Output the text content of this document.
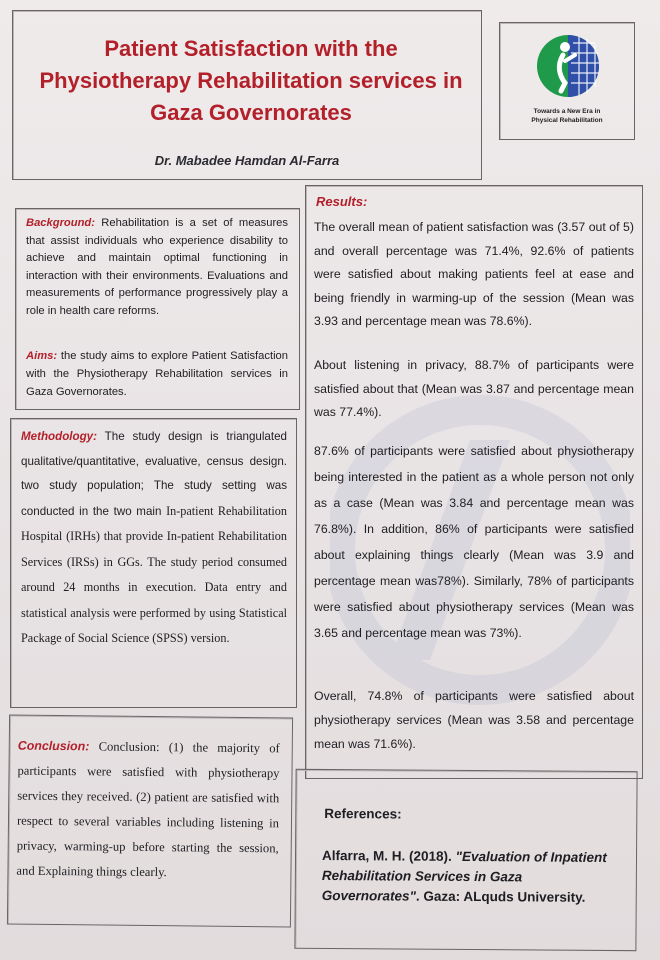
Patient Satisfaction with the Physiotherapy Rehabilitation services in Gaza Governorates
Dr. Mabadee Hamdan Al-Farra
Towards a New Era in
Physical Rehabilitation
Background: Rehabilitation is a set of measures that assist individuals who experience disability to achieve and maintain optimal functioning in interaction with their environments. Evaluations and measurements of performance progressively play a role in health care reforms.
Aims: the study aims to explore Patient Satisfaction with the Physiotherapy Rehabilitation services in Gaza Governorates.
Methodology: The study design is triangulated qualitative/quantitative, evaluative, census design. two study population; The study setting was conducted in the two main In-patient Rehabilitation Hospital (IRHs) that provide In-patient Rehabilitation Services (IRSs) in GGs. The study period consumed around 24 months in execution. Data entry and statistical analysis were performed by using Statistical Package of Social Science (SPSS) version.
Conclusion: Conclusion: (1) the majority of participants were satisfied with physiotherapy services they received. (2) patient are satisfied with respect to several variables including listening in privacy, warming-up before starting the session, and Explaining things clearly.
Results:
The overall mean of patient satisfaction was (3.57 out of 5) and overall percentage was 71.4%, 92.6% of patients were satisfied about making patients feel at ease and being friendly in warming-up of the session (Mean was 3.93 and percentage mean was 78.6%).
About listening in privacy, 88.7% of participants were satisfied about that (Mean was 3.87 and percentage mean was 77.4%).
87.6% of participants were satisfied about physiotherapy being interested in the patient as a whole person not only as a case (Mean was 3.84 and percentage mean was 76.8%). In addition, 86% of participants were satisfied about explaining things clearly (Mean was 3.9 and percentage mean was78%). Similarly, 78% of participants were satisfied about physiotherapy services (Mean was 3.65 and percentage mean was 73%).
Overall, 74.8% of participants were satisfied about physiotherapy services (Mean was 3.58 and percentage mean was 71.6%).
References:
Alfarra, M. H. (2018). "Evaluation of Inpatient Rehabilitation Services in Gaza Governorates". Gaza: ALquds University.
